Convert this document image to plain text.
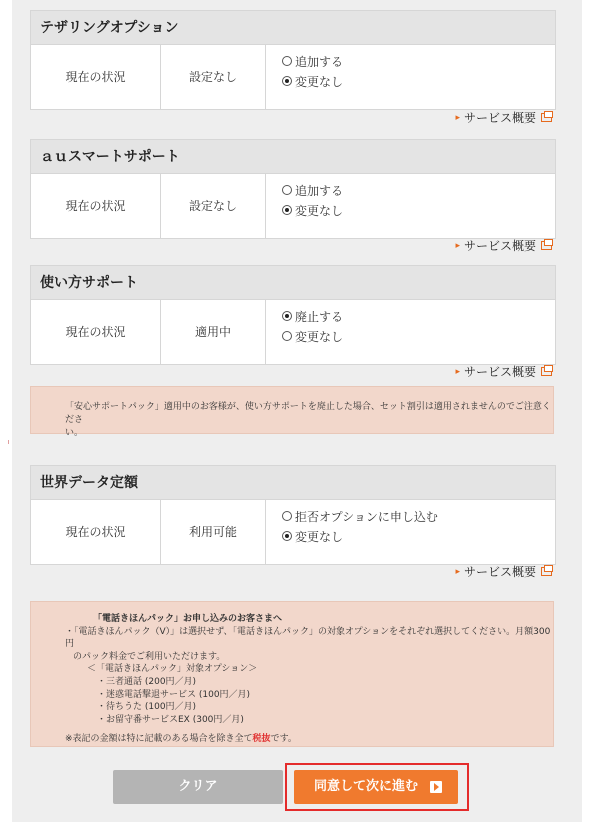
テザリングオプション
現在の状況	設定なし
追加する
変更なし
▸ サービス概要
ａｕスマートサポート
現在の状況	設定なし
追加する
変更なし
▸ サービス概要
使い方サポート
現在の状況	適用中
廃止する
変更なし
▸ サービス概要
「安心サポートパック」適用中のお客様が、使い方サポートを廃止した場合、セット割引は適用されませんのでご注意くださ
い。
世界データ定額
現在の状況	利用可能
拒否オプションに申し込む
変更なし
▸ サービス概要
「電話きほんパック」お申し込みのお客さまへ
・「電話きほんパック（V）」は選択せず、「電話きほんパック」の対象オプションをそれぞれ選択してください。月額300円
のパック料金でご利用いただけます。
＜「電話きほんパック」対象オプション＞
・三者通話 (200円／月)
・迷惑電話撃退サービス (100円／月)
・待ちうた (100円／月)
・お留守番サービスEX (300円／月)
※表記の金額は特に記載のある場合を除き全て税抜です。
クリア	同意して次に進む
